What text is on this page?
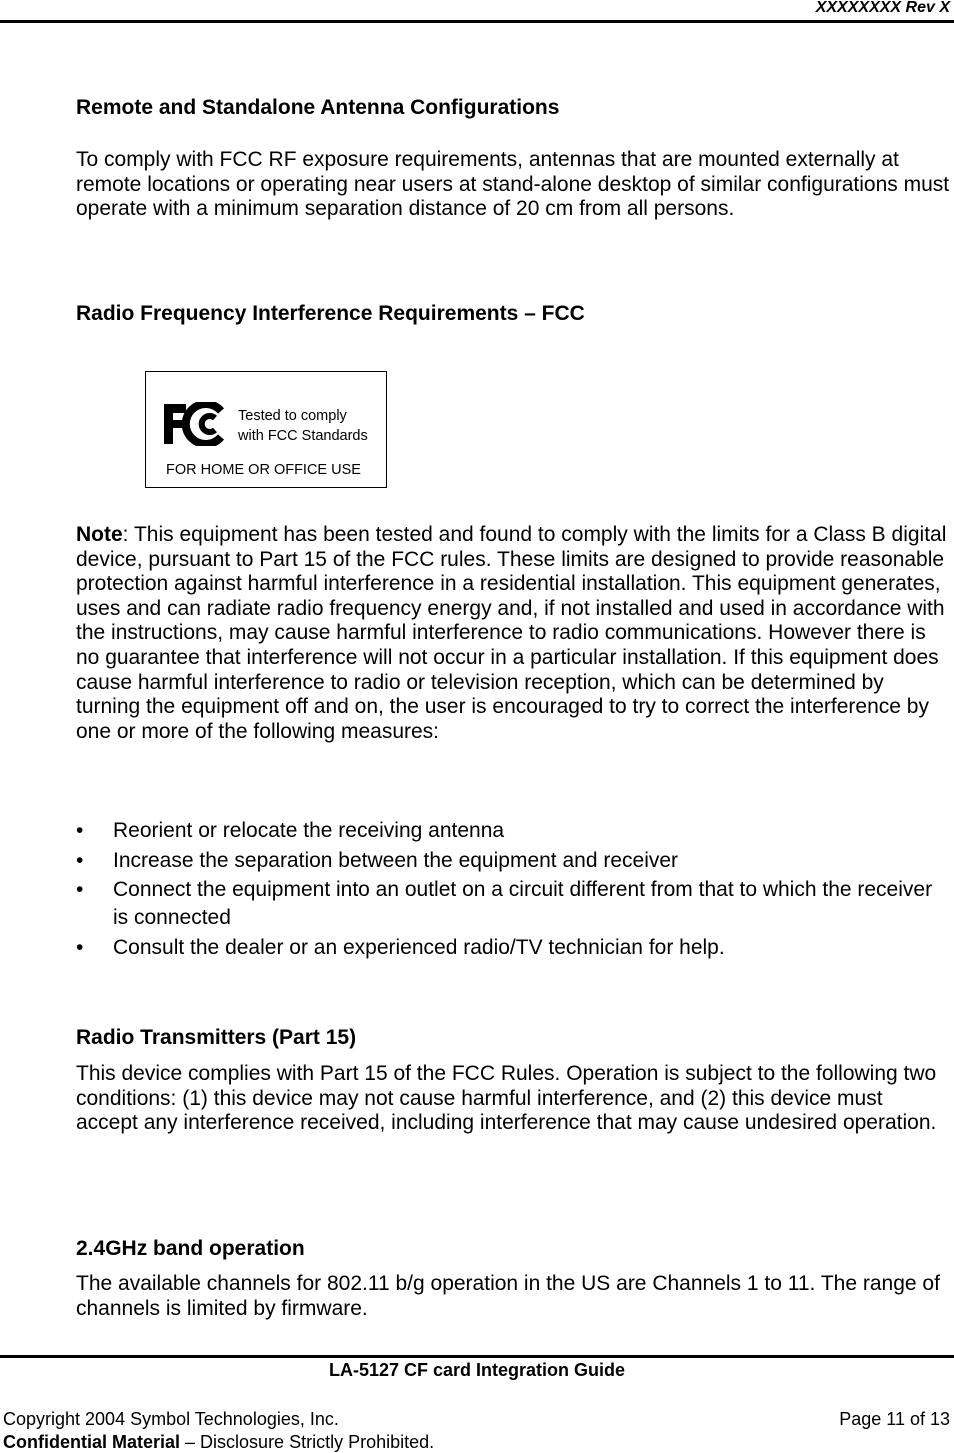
XXXXXXXX Rev X
Remote and Standalone Antenna Configurations

To comply with FCC RF exposure requirements, antennas that are mounted externally at remote locations or operating near users at stand-alone desktop of similar configurations must operate with a minimum separation distance of 20 cm from all persons.

Radio Frequency Interference Requirements – FCC
Tested to comply
with FCC Standards
FOR HOME OR OFFICE USE

Note: This equipment has been tested and found to comply with the limits for a Class B digital device, pursuant to Part 15 of the FCC rules. These limits are designed to provide reasonable protection against harmful interference in a residential installation. This equipment generates, uses and can radiate radio frequency energy and, if not installed and used in accordance with the instructions, may cause harmful interference to radio communications. However there is no guarantee that interference will not occur in a particular installation. If this equipment does cause harmful interference to radio or television reception, which can be determined by turning the equipment off and on, the user is encouraged to try to correct the interference by one or more of the following measures:

• Reorient or relocate the receiving antenna
• Increase the separation between the equipment and receiver
• Connect the equipment into an outlet on a circuit different from that to which the receiver is connected
• Consult the dealer or an experienced radio/TV technician for help.
Radio Transmitters (Part 15)

This device complies with Part 15 of the FCC Rules. Operation is subject to the following two conditions: (1) this device may not cause harmful interference, and (2) this device must accept any interference received, including interference that may cause undesired operation.

2.4GHz band operation

The available channels for 802.11 b/g operation in the US are Channels 1 to 11. The range of channels is limited by firmware.

LA-5127 CF card Integration Guide
Copyright 2004 Symbol Technologies, Inc.	Page 11 of 13
Confidential Material – Disclosure Strictly Prohibited.
